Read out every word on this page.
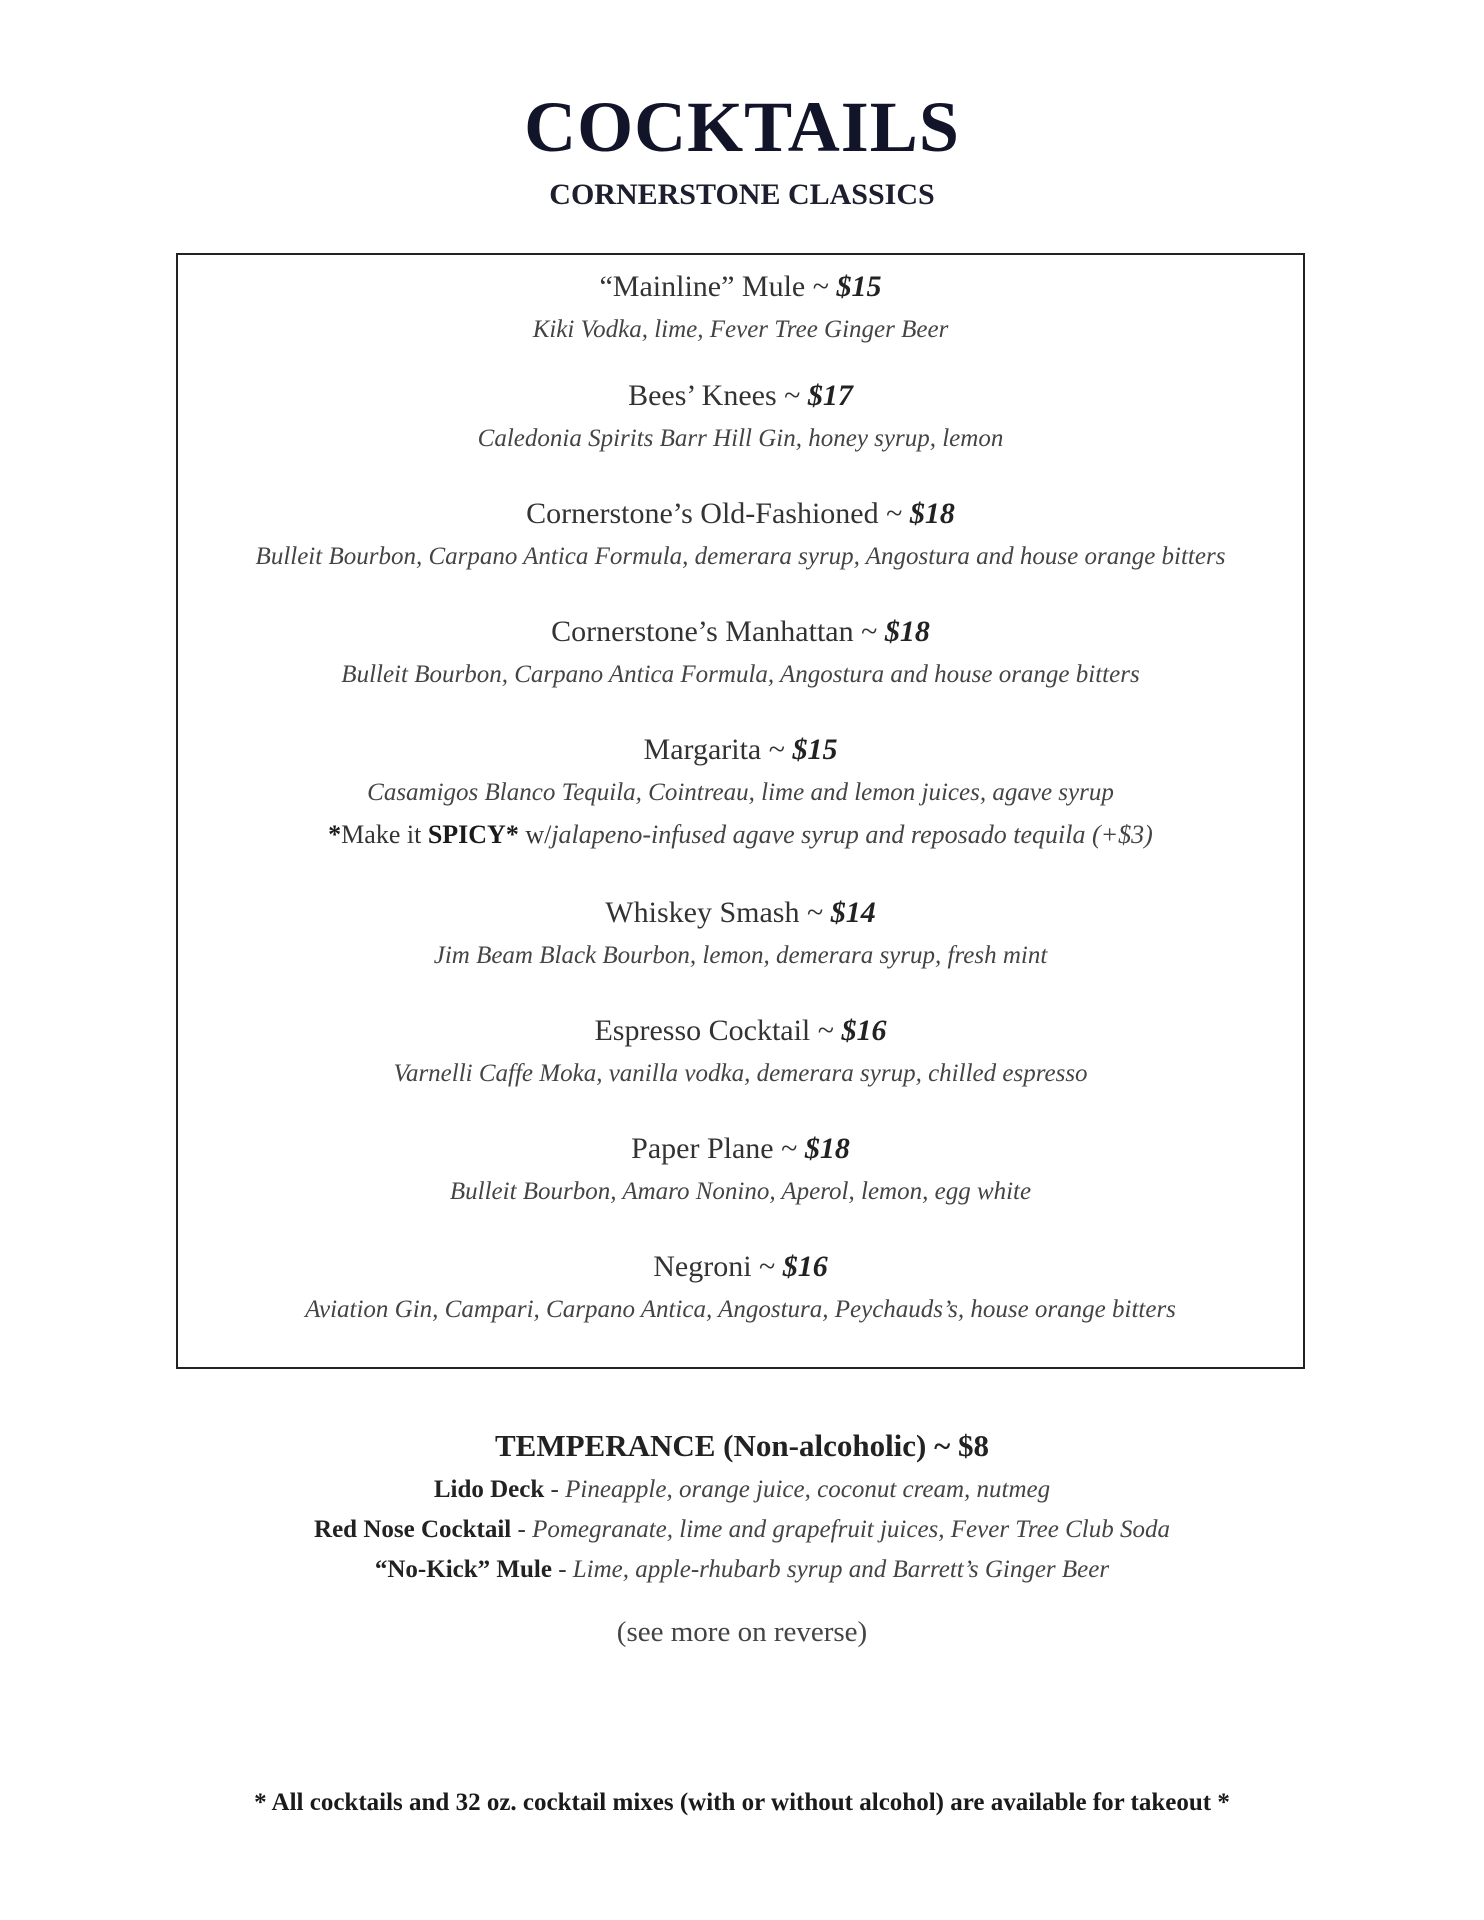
COCKTAILS
CORNERSTONE CLASSICS
“Mainline” Mule ~ $15
Kiki Vodka, lime, Fever Tree Ginger Beer
Bees’ Knees ~ $17
Caledonia Spirits Barr Hill Gin, honey syrup, lemon
Cornerstone’s Old-Fashioned ~ $18
Bulleit Bourbon, Carpano Antica Formula, demerara syrup, Angostura and house orange bitters
Cornerstone’s Manhattan ~ $18
Bulleit Bourbon, Carpano Antica Formula, Angostura and house orange bitters
Margarita ~ $15
Casamigos Blanco Tequila, Cointreau, lime and lemon juices, agave syrup
*Make it SPICY* w/jalapeno-infused agave syrup and reposado tequila (+$3)
Whiskey Smash ~ $14
Jim Beam Black Bourbon, lemon, demerara syrup, fresh mint
Espresso Cocktail ~ $16
Varnelli Caffe Moka, vanilla vodka, demerara syrup, chilled espresso
Paper Plane ~ $18
Bulleit Bourbon, Amaro Nonino, Aperol, lemon, egg white
Negroni ~ $16
Aviation Gin, Campari, Carpano Antica, Angostura, Peychauds’s, house orange bitters
TEMPERANCE (Non-alcoholic) ~ $8
Lido Deck - Pineapple, orange juice, coconut cream, nutmeg
Red Nose Cocktail - Pomegranate, lime and grapefruit juices, Fever Tree Club Soda
“No-Kick” Mule - Lime, apple-rhubarb syrup and Barrett’s Ginger Beer
(see more on reverse)
* All cocktails and 32 oz. cocktail mixes (with or without alcohol) are available for takeout *
